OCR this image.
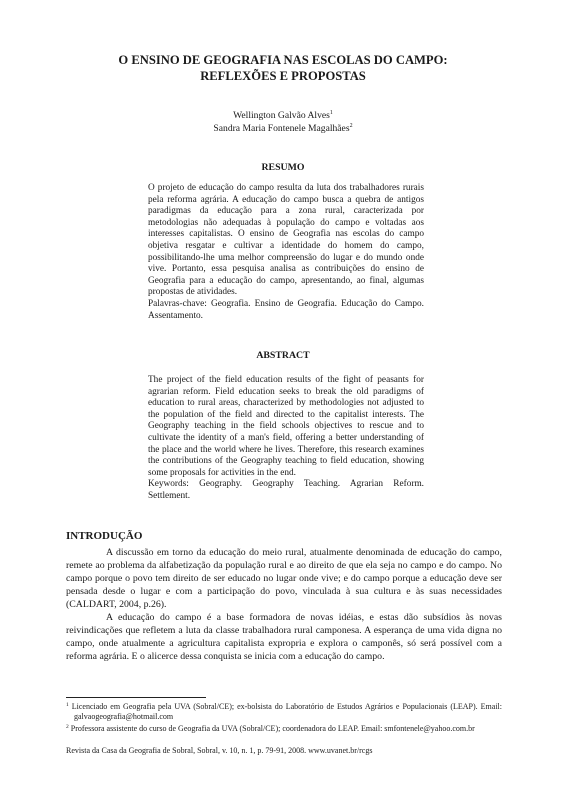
O ENSINO DE GEOGRAFIA NAS ESCOLAS DO CAMPO:
REFLEXÕES E PROPOSTAS
Wellington Galvão Alves$^1$
Sandra Maria Fontenele Magalhães$^2$
RESUMO

O projeto de educação do campo resulta da luta dos trabalhadores rurais pela reforma agrária. A educação do campo busca a quebra de antigos paradigmas da educação para a zona rural, caracterizada por metodologias não adequadas à população do campo e voltadas aos interesses capitalistas. O ensino de Geografia nas escolas do campo objetiva resgatar e cultivar a identidade do homem do campo, possibilitando-lhe uma melhor compreensão do lugar e do mundo onde vive. Portanto, essa pesquisa analisa as contribuições do ensino de Geografia para a educação do campo, apresentando, ao final, algumas propostas de atividades.

Palavras-chave: Geografia. Ensino de Geografia. Educação do Campo. Assentamento.

ABSTRACT

The project of the field education results of the fight of peasants for agrarian reform. Field education seeks to break the old paradigms of education to rural areas, characterized by methodologies not adjusted to the population of the field and directed to the capitalist interests. The Geography teaching in the field schools objectives to rescue and to cultivate the identity of a man's field, offering a better understanding of the place and the world where he lives. Therefore, this research examines the contributions of the Geography teaching to field education, showing some proposals for activities in the end.

Keywords: Geography. Geography Teaching. Agrarian Reform. Settlement.

INTRODUÇÃO

A discussão em torno da educação do meio rural, atualmente denominada de educação do campo, remete ao problema da alfabetização da população rural e ao direito de que ela seja no campo e do campo. No campo porque o povo tem direito de ser educado no lugar onde vive; e do campo porque a educação deve ser pensada desde o lugar e com a participação do povo, vinculada à sua cultura e às suas necessidades (CALDART, 2004, p.26).

A educação do campo é a base formadora de novas idéias, e estas dão subsídios às novas reivindicações que refletem a luta da classe trabalhadora rural camponesa. A esperança de uma vida digna no campo, onde atualmente a agricultura capitalista expropria e explora o camponês, só será possível com a reforma agrária. E o alicerce dessa conquista se inicia com a educação do campo.

$^1$ Licenciado em Geografia pela UVA (Sobral/CE); ex-bolsista do Laboratório de Estudos Agrários e Populacionais (LEAP). Email: galvaogeografia@hotmail.com
$^2$ Professora assistente do curso de Geografia da UVA (Sobral/CE); coordenadora do LEAP. Email: smfontenele@yahoo.com.br
Revista da Casa da Geografia de Sobral, Sobral, v. 10, n. 1, p. 79-91, 2008. www.uvanet.br/rcgs
